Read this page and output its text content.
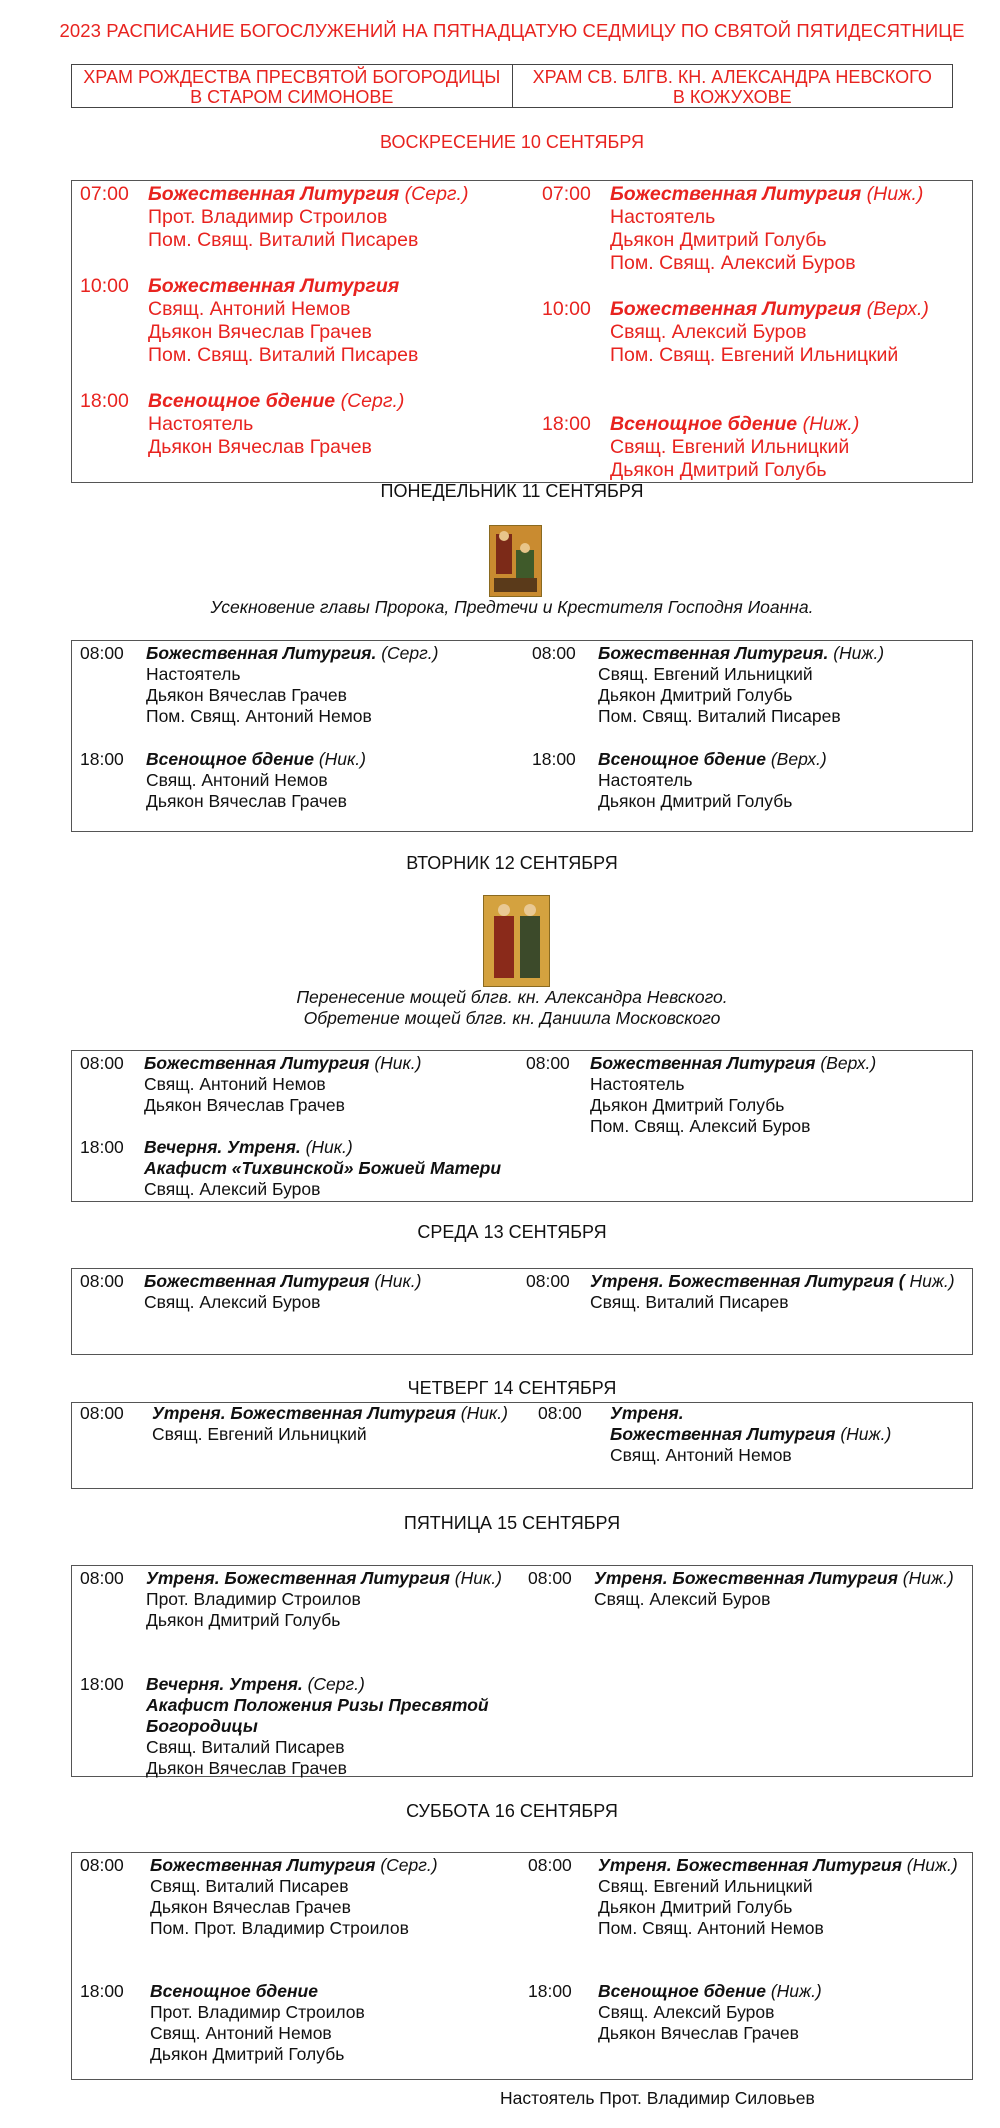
2023 РАСПИСАНИЕ БОГОСЛУЖЕНИЙ НА ПЯТНАДЦАТУЮ СЕДМИЦУ ПО СВЯТОЙ ПЯТИДЕСЯТНИЦЕ
ХРАМ РОЖДЕСТВА ПРЕСВЯТОЙ БОГОРОДИЦЫ
В СТАРОМ СИМОНОВЕ
ХРАМ СВ. БЛГВ. КН. АЛЕКСАНДРА НЕВСКОГО
В КОЖУХОВЕ
ВОСКРЕСЕНИЕ 10 СЕНТЯБРЯ
07:00 Божественная Литургия (Серг.)
Прот. Владимир Строилов
Пом. Свящ. Виталий Писарев
10:00 Божественная Литургия
Свящ. Антоний Немов
Дьякон Вячеслав Грачев
Пом. Свящ. Виталий Писарев
18:00 Всенощное бдение (Серг.)
Настоятель
Дьякон Вячеслав Грачев
07:00 Божественная Литургия (Ниж.)
Настоятель
Дьякон Дмитрий Голубь
Пом. Свящ. Алексий Буров
10:00 Божественная Литургия (Верх.)
Свящ. Алексий Буров
Пом. Свящ. Евгений Ильницкий
18:00 Всенощное бдение (Ниж.)
Свящ. Евгений Ильницкий
Дьякон Дмитрий Голубь
ПОНЕДЕЛЬНИК 11 СЕНТЯБРЯ
Усекновение главы Пророка, Предтечи и Крестителя Господня Иоанна.
08:00 Божественная Литургия. (Серг.)
Настоятель
Дьякон Вячеслав Грачев
Пом. Свящ. Антоний Немов
18:00 Всенощное бдение (Ник.)
Свящ. Антоний Немов
Дьякон Вячеслав Грачев
08:00 Божественная Литургия. (Ниж.)
Свящ. Евгений Ильницкий
Дьякон Дмитрий Голубь
Пом. Свящ. Виталий Писарев
18:00 Всенощное бдение (Верх.)
Настоятель
Дьякон Дмитрий Голубь
ВТОРНИК 12 СЕНТЯБРЯ
Перенесение мощей блгв. кн. Александра Невского.
Обретение мощей блгв. кн. Даниила Московского
08:00 Божественная Литургия (Ник.)
Свящ. Антоний Немов
Дьякон Вячеслав Грачев
18:00 Вечерня. Утреня. (Ник.)
Акафист «Тихвинской» Божией Матери
Свящ. Алексий Буров
08:00 Божественная Литургия (Верх.)
Настоятель
Дьякон Дмитрий Голубь
Пом. Свящ. Алексий Буров
СРЕДА 13 СЕНТЯБРЯ
08:00 Божественная Литургия (Ник.)
Свящ. Алексий Буров
08:00 Утреня. Божественная Литургия ( Ниж.)
Свящ. Виталий Писарев
ЧЕТВЕРГ 14 СЕНТЯБРЯ
08:00 Утреня. Божественная Литургия (Ник.)
Свящ. Евгений Ильницкий
08:00 Утреня.
Божественная Литургия (Ниж.)
Свящ. Антоний Немов
ПЯТНИЦА 15 СЕНТЯБРЯ
08:00 Утреня. Божественная Литургия (Ник.)
Прот. Владимир Строилов
Дьякон Дмитрий Голубь
18:00 Вечерня. Утреня. (Серг.)
Акафист Положения Ризы Пресвятой
Богородицы
Свящ. Виталий Писарев
Дьякон Вячеслав Грачев
08:00 Утреня. Божественная Литургия (Ниж.)
Свящ. Алексий Буров
СУББОТА 16 СЕНТЯБРЯ
08:00 Божественная Литургия (Серг.)
Свящ. Виталий Писарев
Дьякон Вячеслав Грачев
Пом. Прот. Владимир Строилов
18:00 Всенощное бдение
Прот. Владимир Строилов
Свящ. Антоний Немов
Дьякон Дмитрий Голубь
08:00 Утреня. Божественная Литургия (Ниж.)
Свящ. Евгений Ильницкий
Дьякон Дмитрий Голубь
Пом. Свящ. Антоний Немов
18:00 Всенощное бдение (Ниж.)
Свящ. Алексий Буров
Дьякон Вячеслав Грачев
Настоятель Прот. Владимир Силовьев
